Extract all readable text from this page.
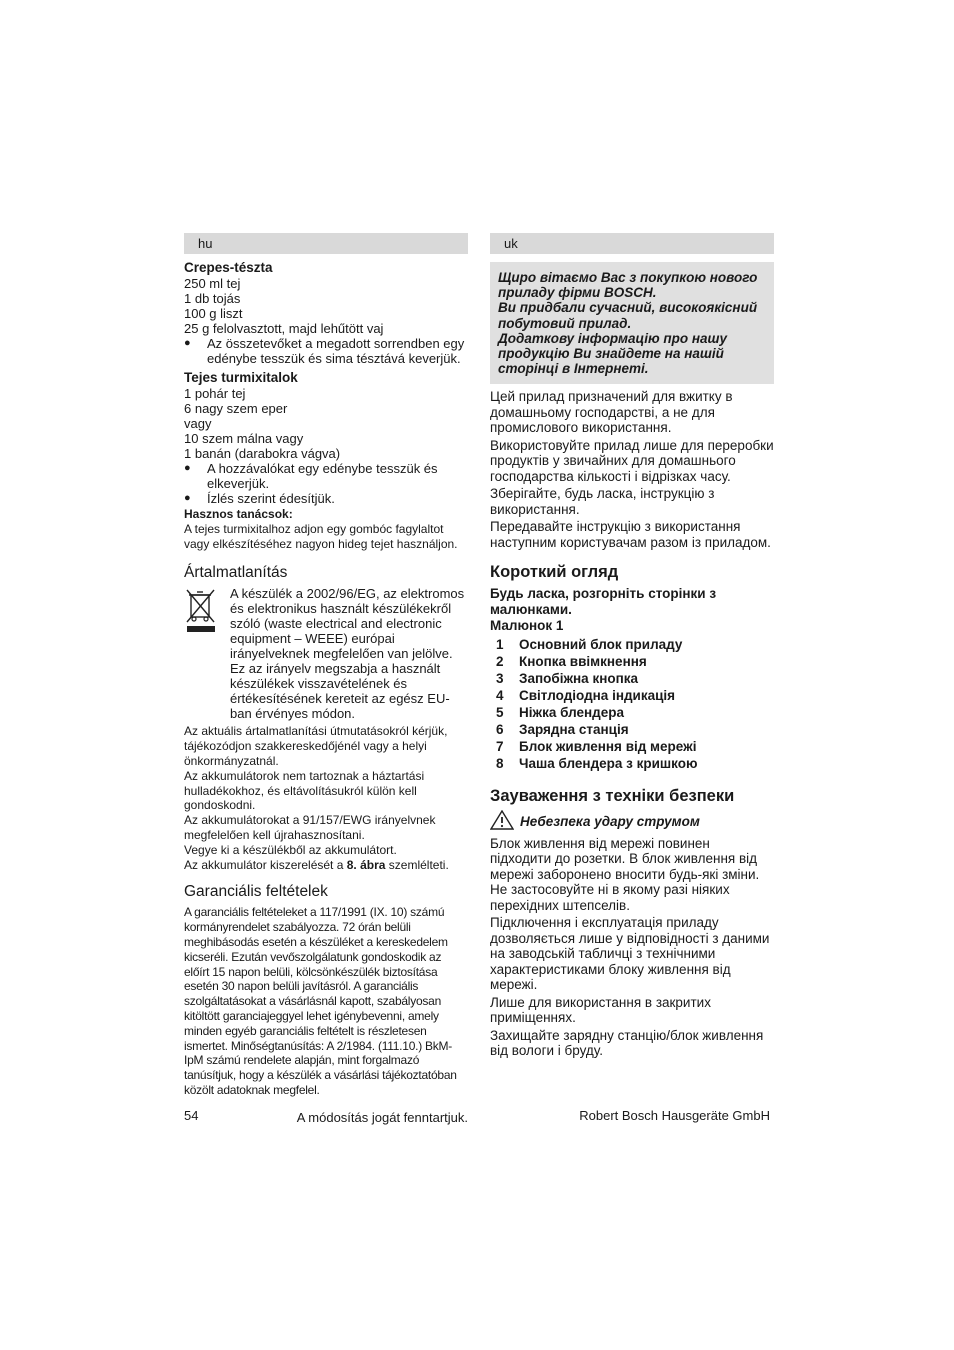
hu
Crepes-tészta
250 ml tej
1 db tojás
100 g liszt
25 g felolvasztott, majd lehűtött vaj
●	Az összetevőket a megadott sorrendben egy edénybe tesszük és sima tésztává keverjük.
Tejes turmixitalok
1 pohár tej
6 nagy szem eper
vagy
10 szem málna vagy
1 banán (darabokra vágva)
●	A hozzávalókat egy edénybe tesszük és elkeverjük.
●	Ízlés szerint édesítjük.
Hasznos tanácsok:
A tejes turmixitalhoz adjon egy gombóc fagylaltot vagy elkészítéséhez nagyon hideg tejet használjon.
Ártalmatlanítás
A készülék a 2002/96/EG, az elektromos és elektronikus használt készülékekről szóló (waste electrical and electronic equipment – WEEE) európai irányelveknek megfelelően van jelölve. Ez az irányelv megszabja a használt készülékek visszavételének és értékesítésének kereteit az egész EU-ban érvényes módon.
Az aktuális ártalmatlanítási útmutatásokról kérjük, tájékozódjon szakkereskedőjénél vagy a helyi önkormányzatnál.
Az akkumulátorok nem tartoznak a háztartási hulladékokhoz, és eltávolításukról külön kell gondoskodni.
Az akkumulátorokat a 91/157/EWG irányelvnek megfelelően kell újrahasznosítani.
Vegye ki a készülékből az akkumulátort.
Az akkumulátor kiszerelését a 8. ábra szemlélteti.
Garanciális feltételek
A garanciális feltételeket a 117/1991 (IX. 10) számú kormányrendelet szabályozza. 72 órán belüli meghibásodás esetén a készüléket a kereskedelem kicseréli. Ezután vevőszolgálatunk gondoskodik az előírt 15 napon belüli, kölcsönkészülék biztosítása esetén 30 napon belüli javításról. A garanciális szolgáltatásokat a vásárlásnál kapott, szabályosan kitöltött garanciajeggyel lehet igénybevenni, amely minden egyéb garanciális feltételt is részletesen ismertet. Minőségtanúsítás: A 2/1984. (111.10.) BkM-IpM számú rendelete alapján, mint forgalmazó tanúsítjuk, hogy a készülék a vásárlási tájékoztatóban közölt adatoknak megfelel.
A módosítás jogát fenntartjuk.
uk
Щиро вітаємо Вас з покупкою нового приладу фірми BOSCH.
Ви придбали сучасний, високоякісний побутовий прилад.
Додаткову інформацію про нашу продукцію Ви знайдете на нашій сторінці в Інтернеті.
Цей прилад призначений для вжитку в домашньому господарстві, а не для промислового використання.
Використовуйте прилад лише для переробки продуктів у звичайних для домашнього господарства кількості і відрізках часу.
Зберігайте, будь ласка, інструкцію з використання.
Передавайте інструкцію з використання наступним користувачам разом із приладом.
Короткий огляд
Будь ласка, розгорніть сторінки з малюнками.
Малюнок 1
1	Основний блок приладу
2	Кнопка ввімкнення
3	Запобіжна кнопка
4	Світлодіодна індикація
5	Ніжка блендера
6	Зарядна станція
7	Блок живлення від мережі
8	Чаша блендера з кришкою
Зауваження з техніки безпеки
Небезпека удару струмом
Блок живлення від мережі повинен підходити до розетки. В блок живлення від мережі заборонено вносити будь-які зміни. Не застосовуйте ні в якому разі ніяких перехідних штепселів.
Підключення і експлуатація приладу дозволяється лише у відповідності з даними на заводській табличці з технічними характеристиками блоку живлення від мережі.
Лише для використання в закритих приміщеннях.
Захищайте зарядну станцію/блок живлення від вологи і бруду.
54	Robert Bosch Hausgeräte GmbH
